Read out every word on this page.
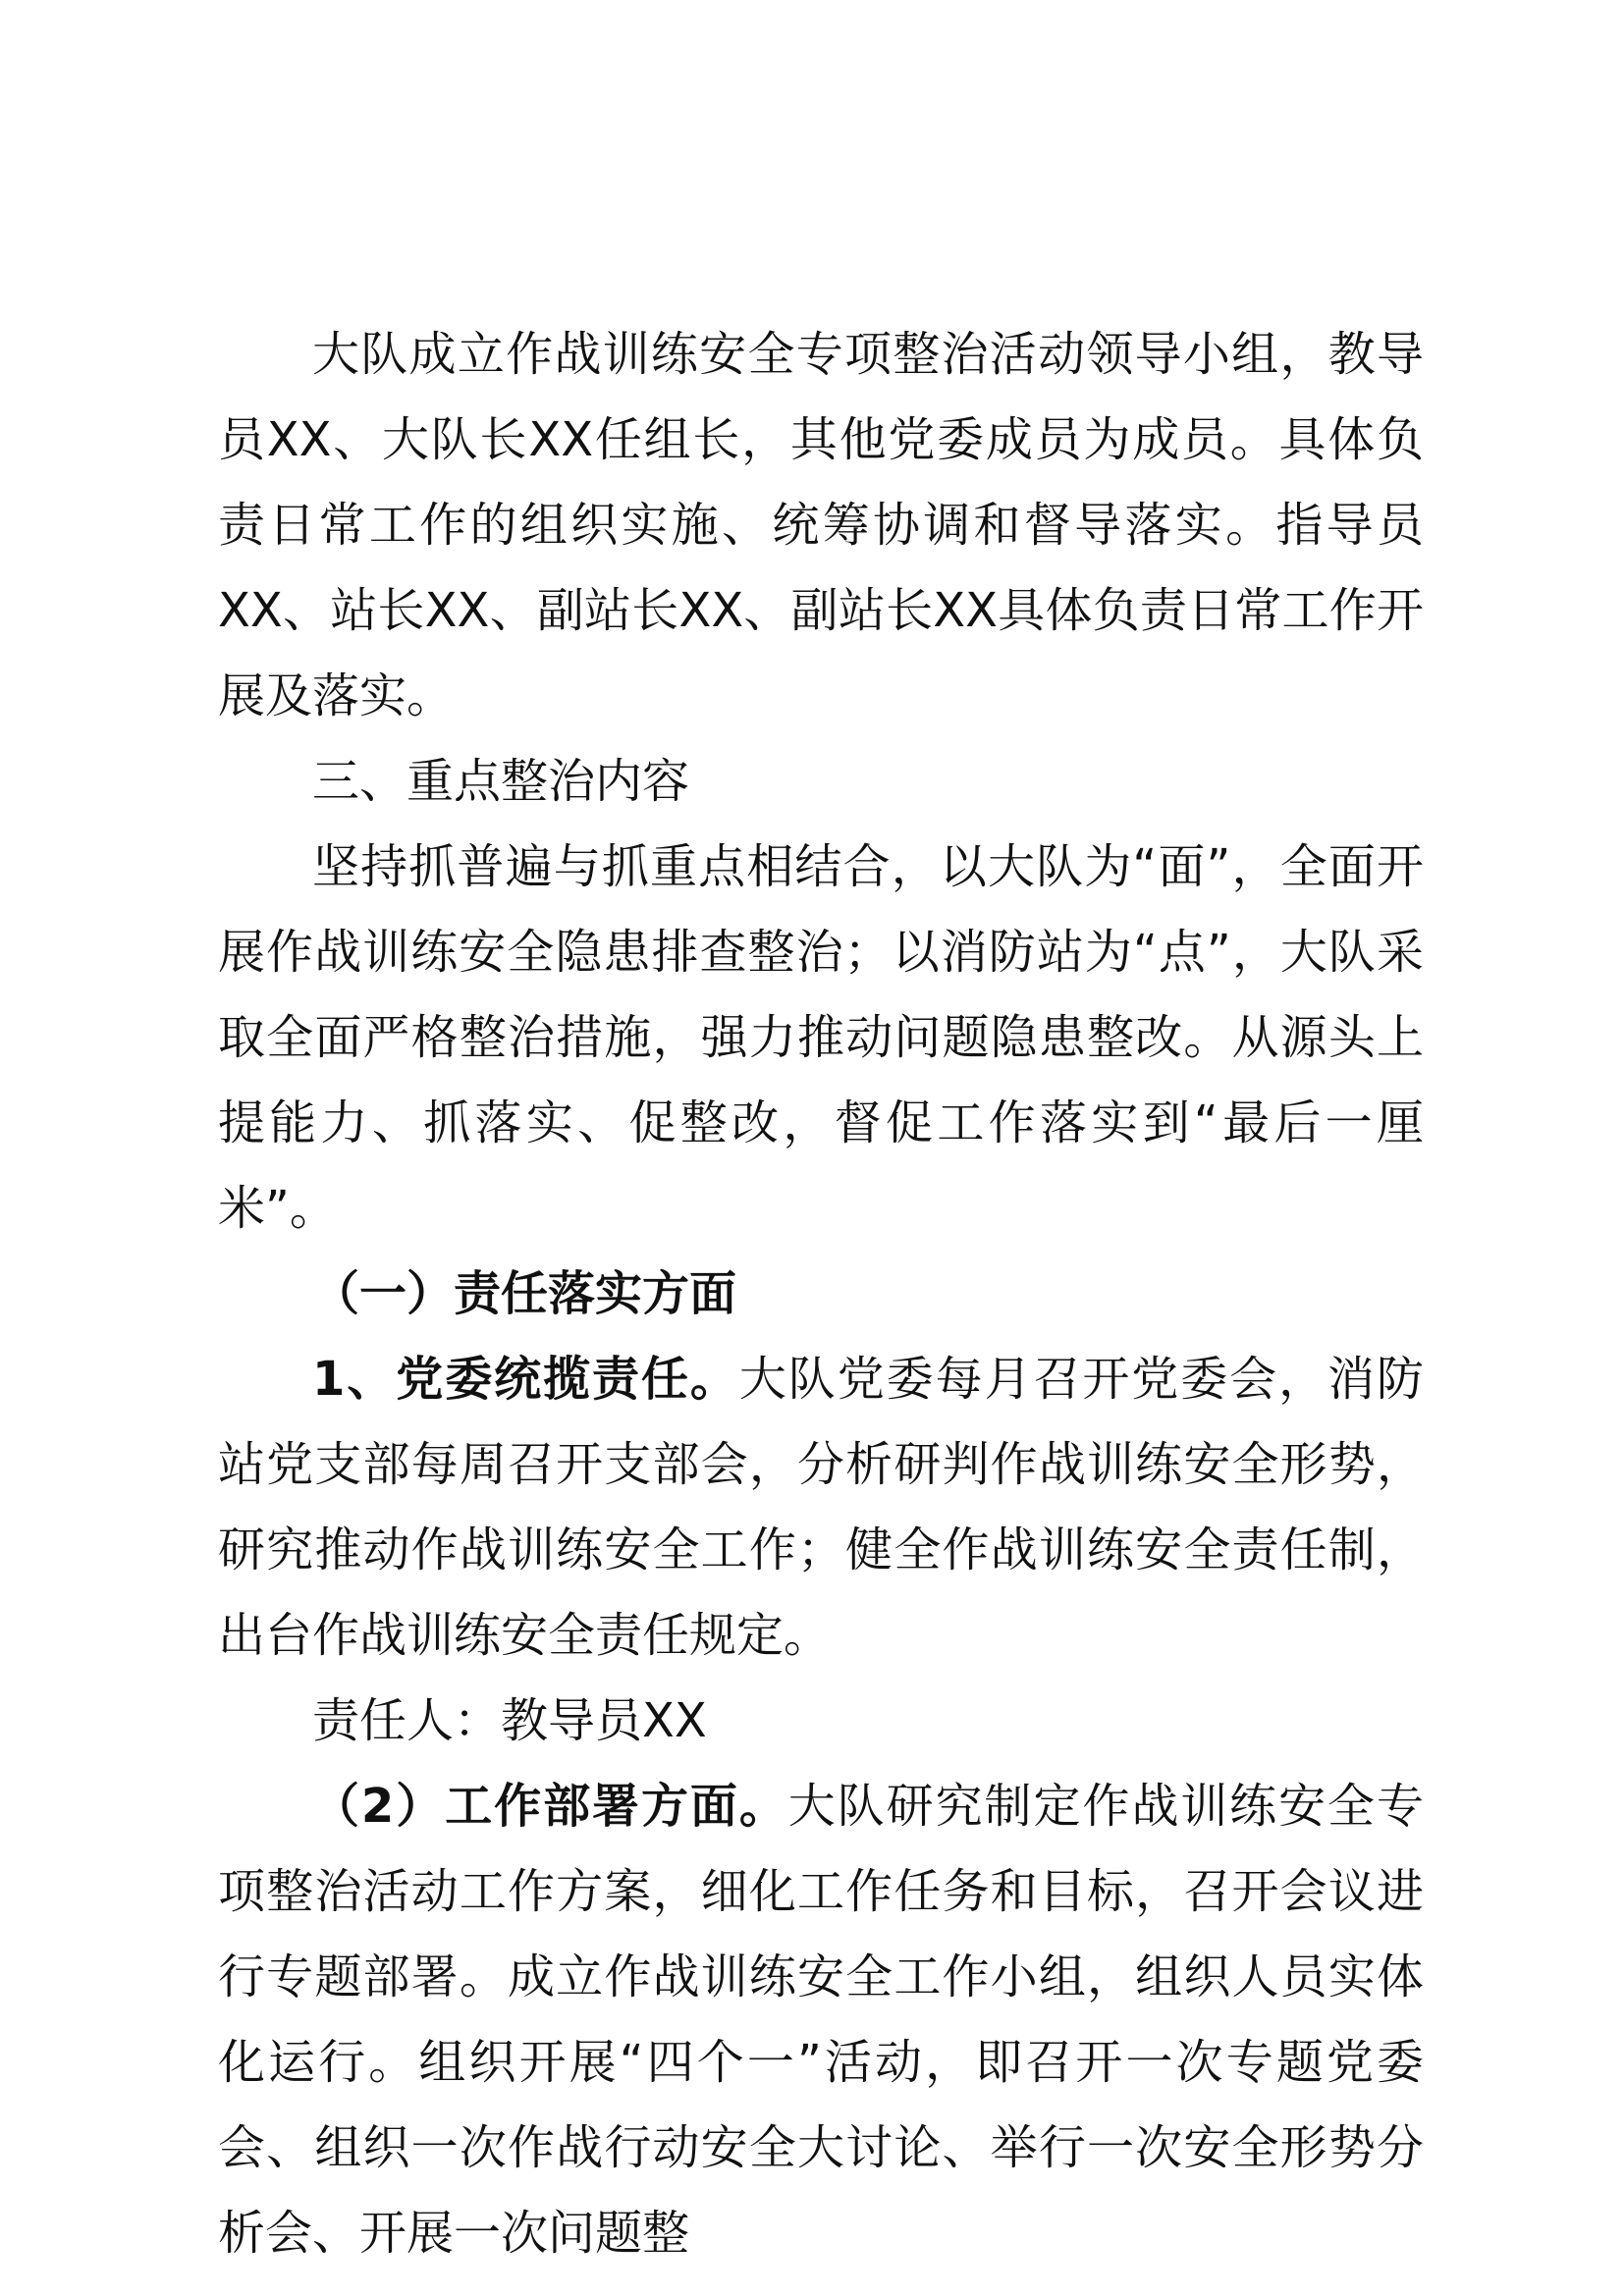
大队成立作战训练安全专项整治活动领导小组，教导员XX、大队长XX任组长，其他党委成员为成员。具体负责日常工作的组织实施、统筹协调和督导落实。指导员XX、站长XX、副站长XX、副站长XX具体负责日常工作开展及落实。

三、重点整治内容

坚持抓普遍与抓重点相结合，以大队为“面”，全面开展作战训练安全隐患排查整治；以消防站为“点”，大队采取全面严格整治措施，强力推动问题隐患整改。从源头上提能力、抓落实、促整改，督促工作落实到“最后一厘米”。

（一）责任落实方面

1、党委统揽责任。大队党委每月召开党委会，消防站党支部每周召开支部会，分析研判作战训练安全形势，研究推动作战训练安全工作；健全作战训练安全责任制，出台作战训练安全责任规定。

责任人：教导员XX

（2）工作部署方面。大队研究制定作战训练安全专项整治活动工作方案，细化工作任务和目标，召开会议进行专题部署。成立作战训练安全工作小组，组织人员实体化运行。组织开展“四个一”活动，即召开一次专题党委会、组织一次作战行动安全大讨论、举行一次安全形势分析会、开展一次问题整
